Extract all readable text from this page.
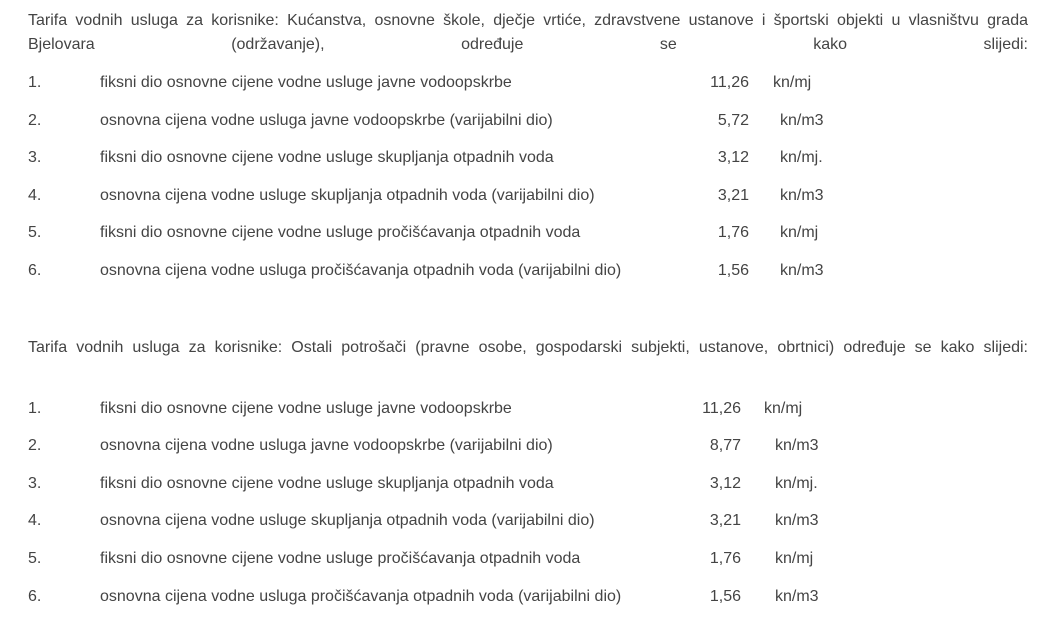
Tarifa vodnih usluga za korisnike: Kućanstva, osnovne škole, dječje vrtiće, zdravstvene ustanove i športski objekti u vlasništvu grada Bjelovara (održavanje), određuje se kako slijedi:

1.	fiksni dio osnovne cijene vodne usluge javne vodoopskrbe	11,26 kn/mj
2.	osnovna cijena vodne usluga javne vodoopskrbe (varijabilni dio)	5,72 kn/m3
3.	fiksni dio osnovne cijene vodne usluge skupljanja otpadnih voda	3,12 kn/mj.
4.	osnovna cijena vodne usluge skupljanja otpadnih voda (varijabilni dio)	3,21 kn/m3
5.	fiksni dio osnovne cijene vodne usluge pročišćavanja otpadnih voda	1,76 kn/mj
6.	osnovna cijena vodne usluga pročišćavanja otpadnih voda (varijabilni dio)	1,56 kn/m3

Tarifa vodnih usluga za korisnike: Ostali potrošači (pravne osobe, gospodarski subjekti, ustanove, obrtnici) određuje se kako slijedi:

1.	fiksni dio osnovne cijene vodne usluge javne vodoopskrbe	11,26 kn/mj
2.	osnovna cijena vodne usluga javne vodoopskrbe (varijabilni dio)	8,77 kn/m3
3.	fiksni dio osnovne cijene vodne usluge skupljanja otpadnih voda	3,12 kn/mj.
4.	osnovna cijena vodne usluge skupljanja otpadnih voda (varijabilni dio)	3,21 kn/m3
5.	fiksni dio osnovne cijene vodne usluge pročišćavanja otpadnih voda	1,76 kn/mj
6.	osnovna cijena vodne usluga pročišćavanja otpadnih voda (varijabilni dio)	1,56 kn/m3
